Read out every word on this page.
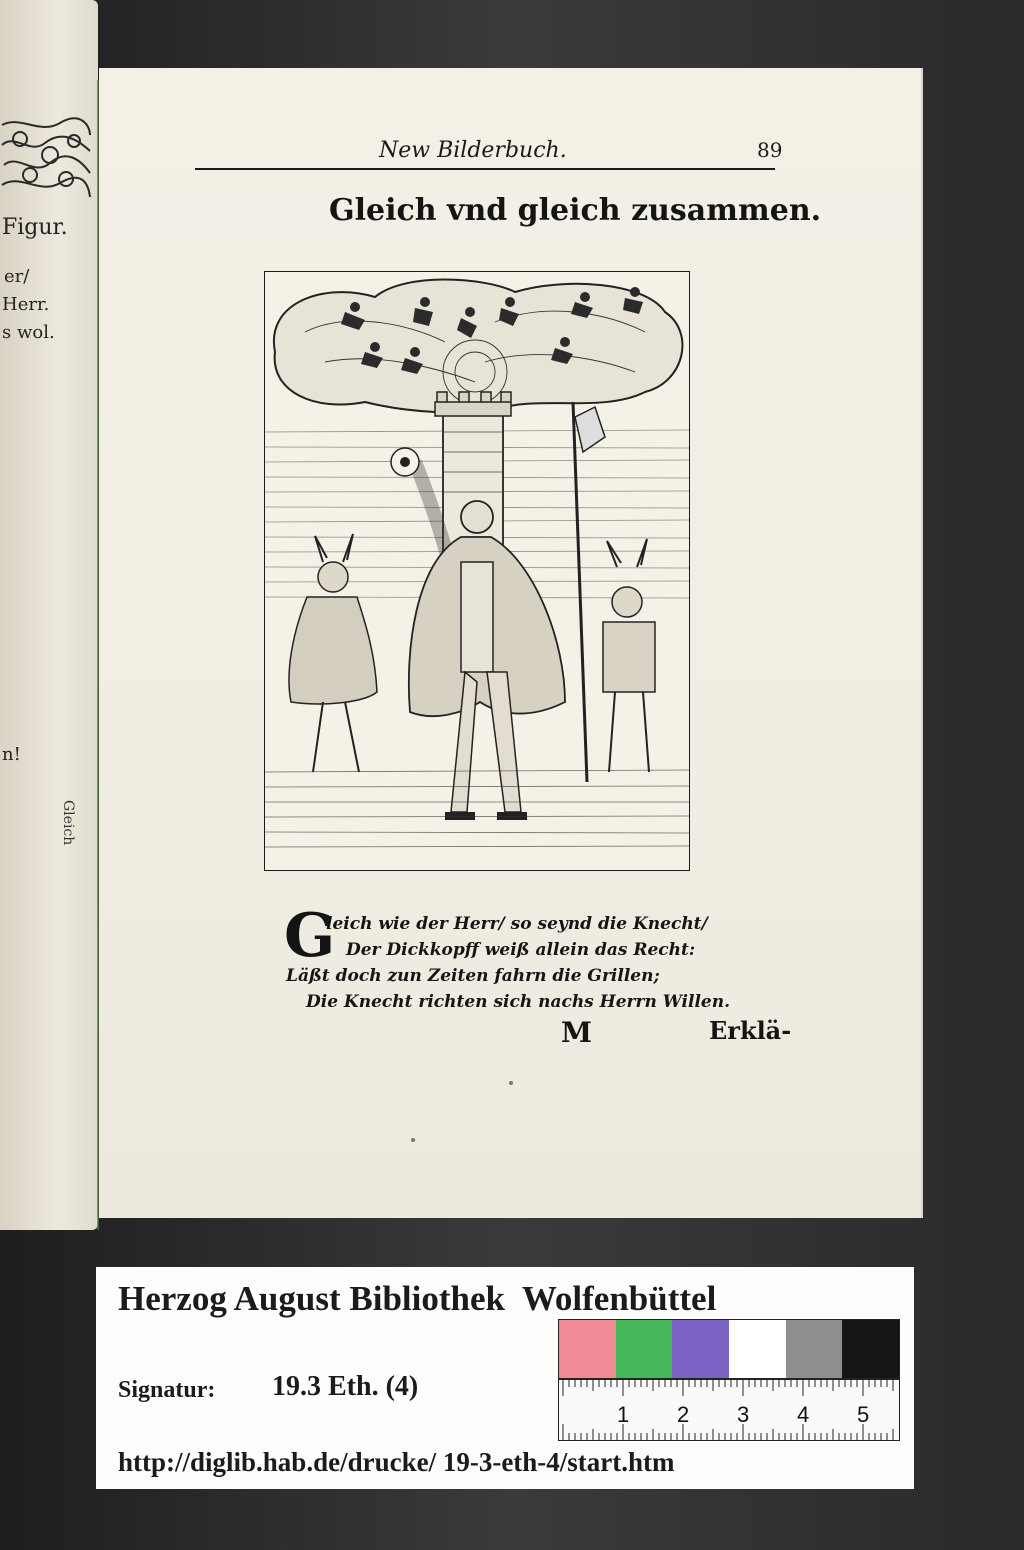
Figur.
er/
Herr.
s wol.
n!
Gleich
New Bilderbuch.	89
Gleich vnd gleich zusammen.
G
leich wie der Herr/ so seynd die Knecht/
Der Dickkopff weiß allein das Recht:
Läßt doch zun Zeiten fahrn die Grillen;
Die Knecht richten sich nachs Herrn Willen.
M	Erklä-
Herzog August Bibliothek  Wolfenbüttel
Signatur: 19.3 Eth. (4)
1 2 3 4 5
http://diglib.hab.de/drucke/ 19-3-eth-4/start.htm
